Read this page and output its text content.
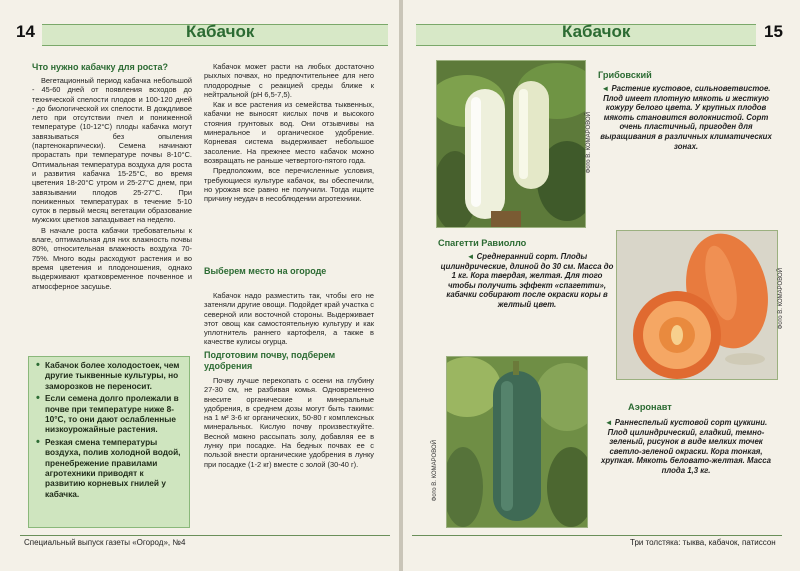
14	Кабачок
Что нужно кабачку для роста?

Вегетационный период кабачка небольшой - 45-60 дней от появления всходов до технической спелости плодов и 100-120 дней - до биологической их спелости. В дождливое лето при отсутствии пчел и пониженной температуре (10-12°С) плоды кабачка могут завязываться без опыления (партенокарпически). Семена начинают прорастать при температуре почвы 8-10°С. Оптимальная температура воздуха для роста и развития кабачка 15-25°С, во время цветения 18-20°С утром и 25-27°С днем, при завязывании плодов 25-27°С. При пониженных температурах в течение 5-10 суток в первый месяц вегетации образование мужских цветков запаздывает на неделю.

В начале роста кабачки требовательны к влаге, оптимальная для них влажность почвы 80%, относительная влажность воздуха 70-75%. Много воды расходуют растения и во время цветения и плодоношения, однако выдерживают кратковременное почвенное и атмосферное засушье.

• Кабачок более холодостоек, чем другие тыквенные культуры, но заморозков не переносит.
• Если семена долго пролежали в почве при температуре ниже 8-10°С, то они дают ослабленные низкоурожайные растения.
• Резкая смена температуры воздуха, полив холодной водой, пренебрежение правилами агротехники приводят к развитию корневых гнилей у кабачка.

Кабачок может расти на любых достаточно рыхлых почвах, но предпочтительнее для него плодородные с реакцией среды ближе к нейтральной (рН 6,5-7,5).

Как и все растения из семейства тыквенных, кабачки не выносят кислых почв и высокого стояния грунтовых вод. Они отзывчивы на минеральное и органическое удобрение. Корневая система выдерживает небольшое засоление. На прежнее место кабачок можно возвращать не раньше четвертого-пятого года.

Предположим, все перечисленные условия, требующиеся культуре кабачок, вы обеспечили, но урожая все равно не получили. Тогда ищите причину неудач в несоблюдении агротехники.

Выберем место на огороде

Кабачок надо разместить так, чтобы его не затеняли другие овощи. Подойдет край участка с северной или восточной стороны. Выдерживает этот овощ как самостоятельную культуру и как уплотнитель раннего картофеля, а также в качестве кулисы огурца.

Подготовим почву, подберем удобрения

Почву лучше перекопать с осени на глубину 27-30 см, не разбивая комья. Одновременно внесите органические и минеральные удобрения, в среднем дозы могут быть такими: на 1 м² 3-6 кг органических, 50-80 г комплексных минеральных. Кислую почву произвесткуйте. Весной можно рассыпать золу, добавляя ее в лунку при посадке. На бедных почвах ее с пользой внести органические удобрения в лунку при посадке (1-2 кг) вместе с золой (30-40 г).

Специальный выпуск газеты «Огород», №4
Кабачок	15
Фото В. КОМАРОВОЙ
Грибовский
◄ Растение кустовое, сильноветвистое. Плод имеет плотную мякоть и жесткую кожуру белого цвета. У крупных плодов мякоть становится волокнистой. Сорт очень пластичный, пригоден для выращивания в различных климатических зонах.
Спагетти Равиолло
◄ Среднеранний сорт. Плоды цилиндрические, длиной до 30 см. Масса до 1 кг. Кора твердая, желтая. Для того чтобы получить эффект «спагетти», кабачки собирают после окраски коры в желтый цвет.	Фото В. КОМАРОВОЙ
Фото В. КОМАРОВОЙ
Аэронавт
◄ Раннеспелый кустовой сорт цуккини. Плод цилиндрический, гладкий, темно-зеленый, рисунок в виде мелких точек светло-зеленой окраски. Кора тонкая, хрупкая. Мякоть беловато-желтая. Масса плода 1,3 кг.
Три толстяка: тыква, кабачок, патиссон
